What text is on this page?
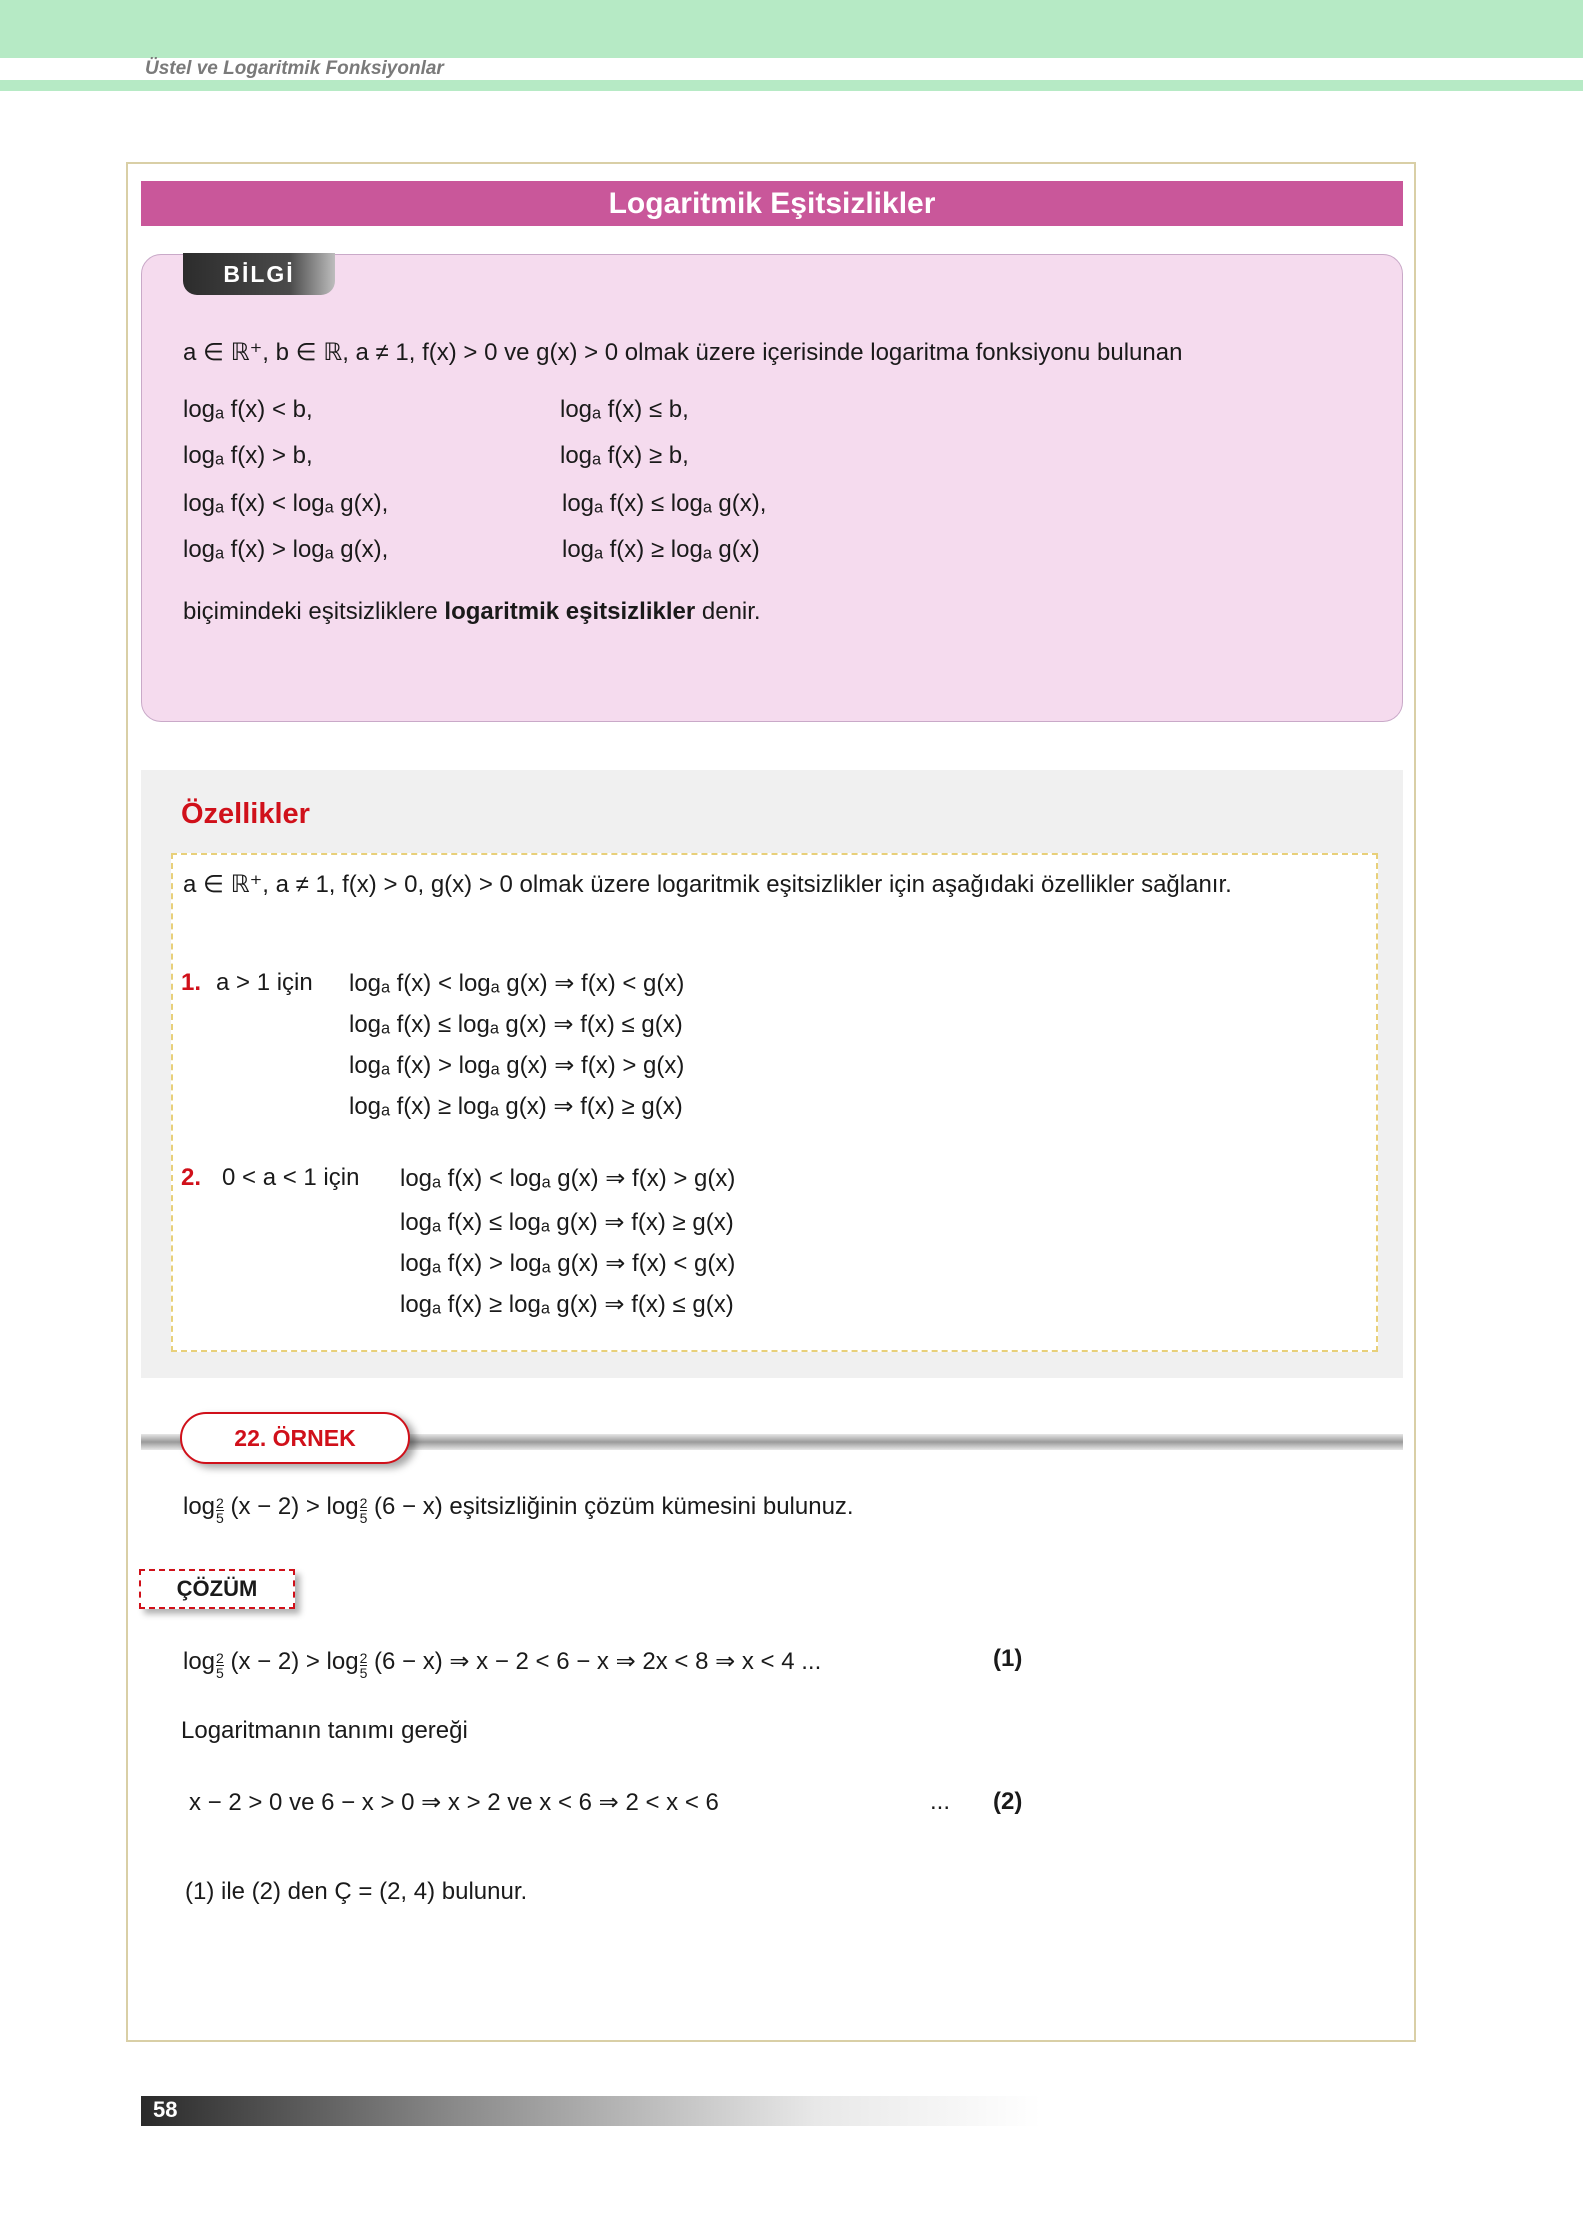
Üstel ve Logaritmik Fonksiyonlar
Logaritmik Eşitsizlikler
BİLGİ
a ∈ ℝ⁺, b ∈ ℝ, a ≠ 1, f(x) > 0 ve g(x) > 0 olmak üzere içerisinde logaritma fonksiyonu bulunan
logₐ f(x) < b,
logₐ f(x) > b,
logₐ f(x) < logₐ g(x),
logₐ f(x) > logₐ g(x),
logₐ f(x) ≤ b,
logₐ f(x) ≥ b,
logₐ f(x) ≤ logₐ g(x),
logₐ f(x) ≥ logₐ g(x)
biçimindeki eşitsizliklere logaritmik eşitsizlikler denir.
Özellikler
a ∈ ℝ⁺, a ≠ 1, f(x) > 0, g(x) > 0 olmak üzere logaritmik eşitsizlikler için aşağıdaki özellikler sağlanır.
1. a > 1 için logₐ f(x) < logₐ g(x) ⇒ f(x) < g(x)
logₐ f(x) ≤ logₐ g(x) ⇒ f(x) ≤ g(x)
logₐ f(x) > logₐ g(x) ⇒ f(x) > g(x)
logₐ f(x) ≥ logₐ g(x) ⇒ f(x) ≥ g(x)
2. 0 < a < 1 için logₐ f(x) < logₐ g(x) ⇒ f(x) > g(x)
logₐ f(x) ≤ logₐ g(x) ⇒ f(x) ≥ g(x)
logₐ f(x) > logₐ g(x) ⇒ f(x) < g(x)
logₐ f(x) ≥ logₐ g(x) ⇒ f(x) ≤ g(x)
22. ÖRNEK
$\log \frac{2}{5} (x - 2) > \log \frac{2}{5} (6 - x)$ eşitsizliğinin çözüm kümesini bulunuz.
ÇÖZÜM
$\log \frac{2}{5} (x - 2) > \log \frac{2}{5} (6 - x)$ ⇒ x − 2 < 6 − x ⇒ 2x < 8 ⇒ x < 4 ...	(1)
Logaritmanın tanımı gereği
x − 2 > 0 ve 6 − x > 0 ⇒ x > 2 ve x < 6 ⇒ 2 < x < 6	... (2)
(1) ile (2) den Ç = (2, 4) bulunur.
58
